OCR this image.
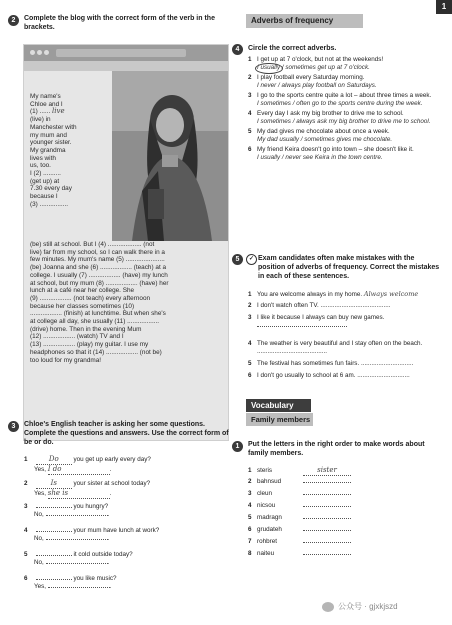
1
2	Complete the blog with the correct form of the verb in the brackets.
My name's
Chloe and I
(1) ...... live
(live) in
Manchester with
my mum and
younger sister.
My grandma
lives with
us, too.
I (2) ..........
(get up) at
7.30 every day
because I
(3) ................
(be) still at school. But I (4) ................... (not
live) far from my school, so I can walk there in a
few minutes. My mum's name (5) ......................
(be) Joanna and she (6) .................. (teach) at a
college. I usually (7) .................. (have) my lunch
at school, but my mum (8) .................. (have) her
lunch at a café near her college. She
(9) .................. (not teach) every afternoon
because her classes sometimes (10)
.................. (finish) at lunchtime. But when she's
at college all day, she usually (11) ..................
(drive) home. Then in the evening Mum
(12) .................. (watch) TV and I
(13) .................. (play) my guitar. I use my
headphones so that it (14) .................. (not be)
too loud for my grandma!
3	Chloe's English teacher is asking her some questions. Complete the questions and answers. Use the correct form of be or do.
1	Do you get up early every day?
Yes, I do	.
2	Is	your sister at school today?
Yes, she is	.
3	you hungry?
No,	.
4	your mum have lunch at work?
No,	.
5	it cold outside today?
No,	.
6	you like music?
Yes,	.
Adverbs of frequency
4	Circle the correct adverbs.
1 I get up at 7 o'clock, but not at the weekends!
I usually / sometimes get up at 7 o'clock.
2 I play football every Saturday morning.
I never / always play football on Saturdays.
3 I go to the sports centre quite a lot – about three times a week.
I sometimes / often go to the sports centre during the week.
4 Every day I ask my big brother to drive me to school.
I sometimes / always ask my big brother to drive me to school.
5 My dad gives me chocolate about once a week.
My dad usually / sometimes gives me chocolate.
6 My friend Keira doesn't go into town – she doesn't like it.
I usually / never see Keira in the town centre.
5	✓ Exam candidates often make mistakes with the position of adverbs of frequency. Correct the mistakes in each of these sentences.
1 You are welcome always in my home. Always welcome
2 I don't watch often TV. ........................................
3 I like it because I always can buy new games.
4 The weather is very beautiful and I stay often on the beach. ........................................
5 The festival has sometimes fun fairs. ..............................
6 I don't go usually to school at 6 am. ..............................
Vocabulary
Family members
1	Put the letters in the right order to make words about family members.
1 steris	sister
2 bahnsud
3 cleun
4 nicsou
5 madragn
6 grudateh
7 rohbret
8 naiteu
公众号 · gjxkjszd
